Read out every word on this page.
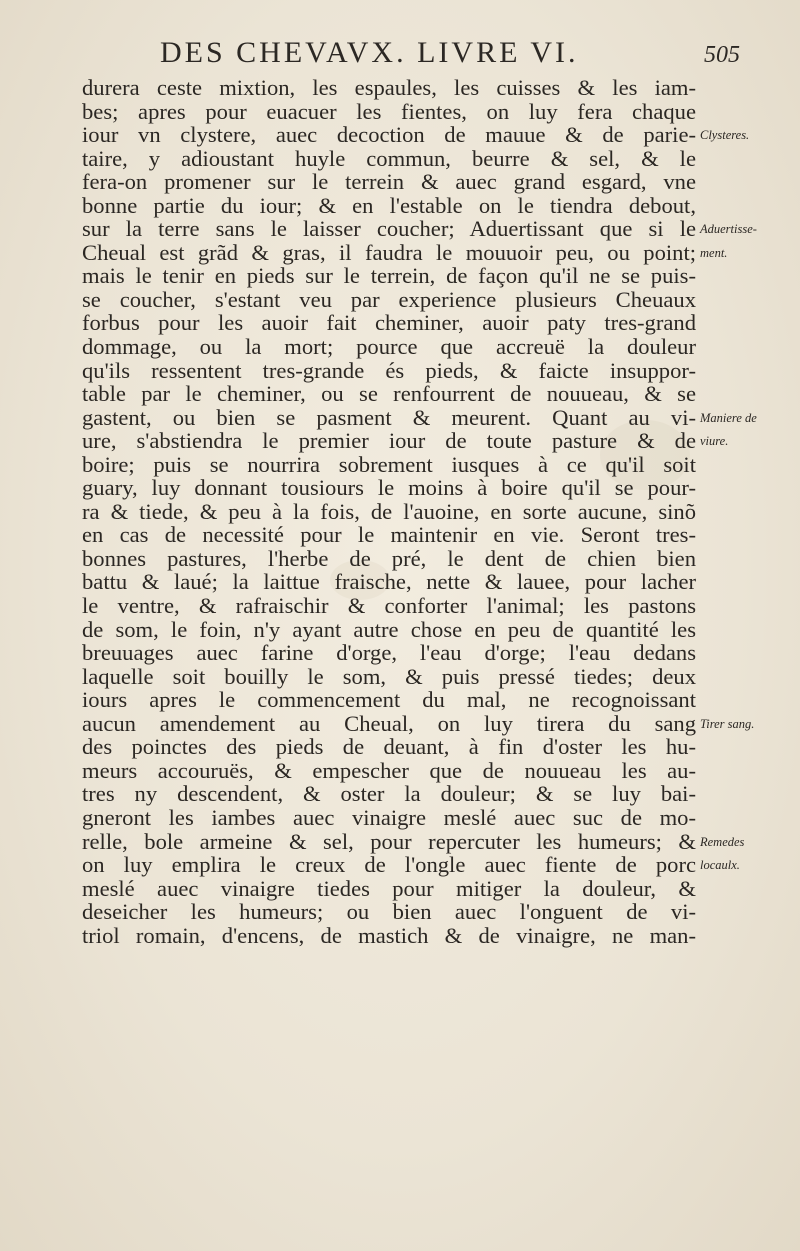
DES CHEVAVX. LIVRE VI.	505
durera ceste mixtion, les espaules, les cuisses & les iam-
bes; apres pour euacuer les fientes, on luy fera chaque
iour vn clystere, auec decoction de mauue & de parie-
taire, y adioustant huyle commun, beurre & sel, & le
fera-on promener sur le terrein & auec grand esgard, vne
bonne partie du iour; & en l'estable on le tiendra debout,
sur la terre sans le laisser coucher; Aduertissant que si le
Cheual est grãd & gras, il faudra le mouuoir peu, ou point;
mais le tenir en pieds sur le terrein, de façon qu'il ne se puis-
se coucher, s'estant veu par experience plusieurs Cheuaux
forbus pour les auoir fait cheminer, auoir paty tres-grand
dommage, ou la mort; pource que accreuë la douleur
qu'ils ressentent tres-grande és pieds, & faicte insuppor-
table par le cheminer, ou se renfourrent de nouueau, & se
gastent, ou bien se pasment & meurent. Quant au vi-
ure, s'abstiendra le premier iour de toute pasture & de
boire; puis se nourrira sobrement iusques à ce qu'il soit
guary, luy donnant tousiours le moins à boire qu'il se pour-
ra & tiede, & peu à la fois, de l'auoine, en sorte aucune, sinõ
en cas de necessité pour le maintenir en vie. Seront tres-
bonnes pastures, l'herbe de pré, le dent de chien bien
battu & laué; la laittue fraische, nette & lauee, pour lacher
le ventre, & rafraischir & conforter l'animal; les pastons
de som, le foin, n'y ayant autre chose en peu de quantité les
breuuages auec farine d'orge, l'eau d'orge; l'eau dedans
laquelle soit bouilly le som, & puis pressé tiedes; deux
iours apres le commencement du mal, ne recognoissant
aucun amendement au Cheual, on luy tirera du sang
des poinctes des pieds de deuant, à fin d'oster les hu-
meurs accouruës, & empescher que de nouueau les au-
tres ny descendent, & oster la douleur; & se luy bai-
gneront les iambes auec vinaigre meslé auec suc de mo-
relle, bole armeine & sel, pour repercuter les humeurs; &
on luy emplira le creux de l'ongle auec fiente de porc
meslé auec vinaigre tiedes pour mitiger la douleur, &
deseicher les humeurs; ou bien auec l'onguent de vi-
triol romain, d'encens, de mastich & de vinaigre, ne man-
Clysteres.
Aduertisse-
ment.
Maniere de
viure.
Tirer sang.
Remedes
locaulx.
